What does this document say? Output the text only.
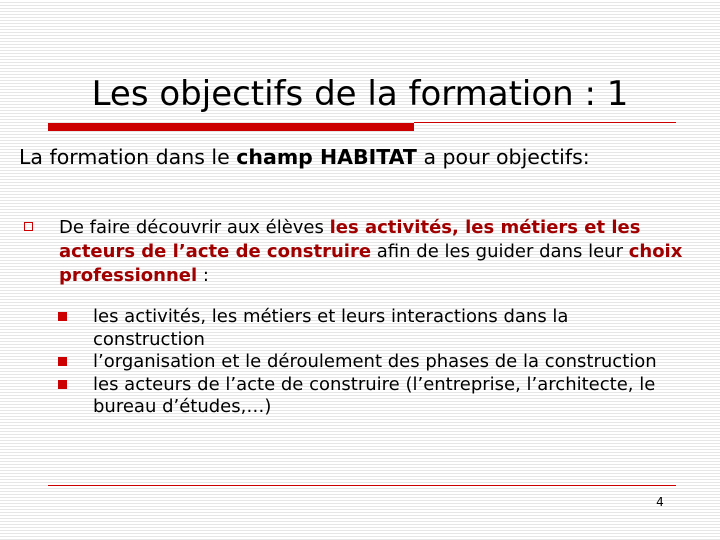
Les objectifs de la formation : 1
La formation dans le champ HABITAT a pour objectifs:
De faire découvrir aux élèves les activités, les métiers et les acteurs de l’acte de construire afin de les guider dans leur choix professionnel :
les activités, les métiers et leurs interactions dans la construction
l’organisation et le déroulement des phases de la construction
les acteurs de l’acte de construire (l’entreprise, l’architecte, le bureau d’études,…)
4
